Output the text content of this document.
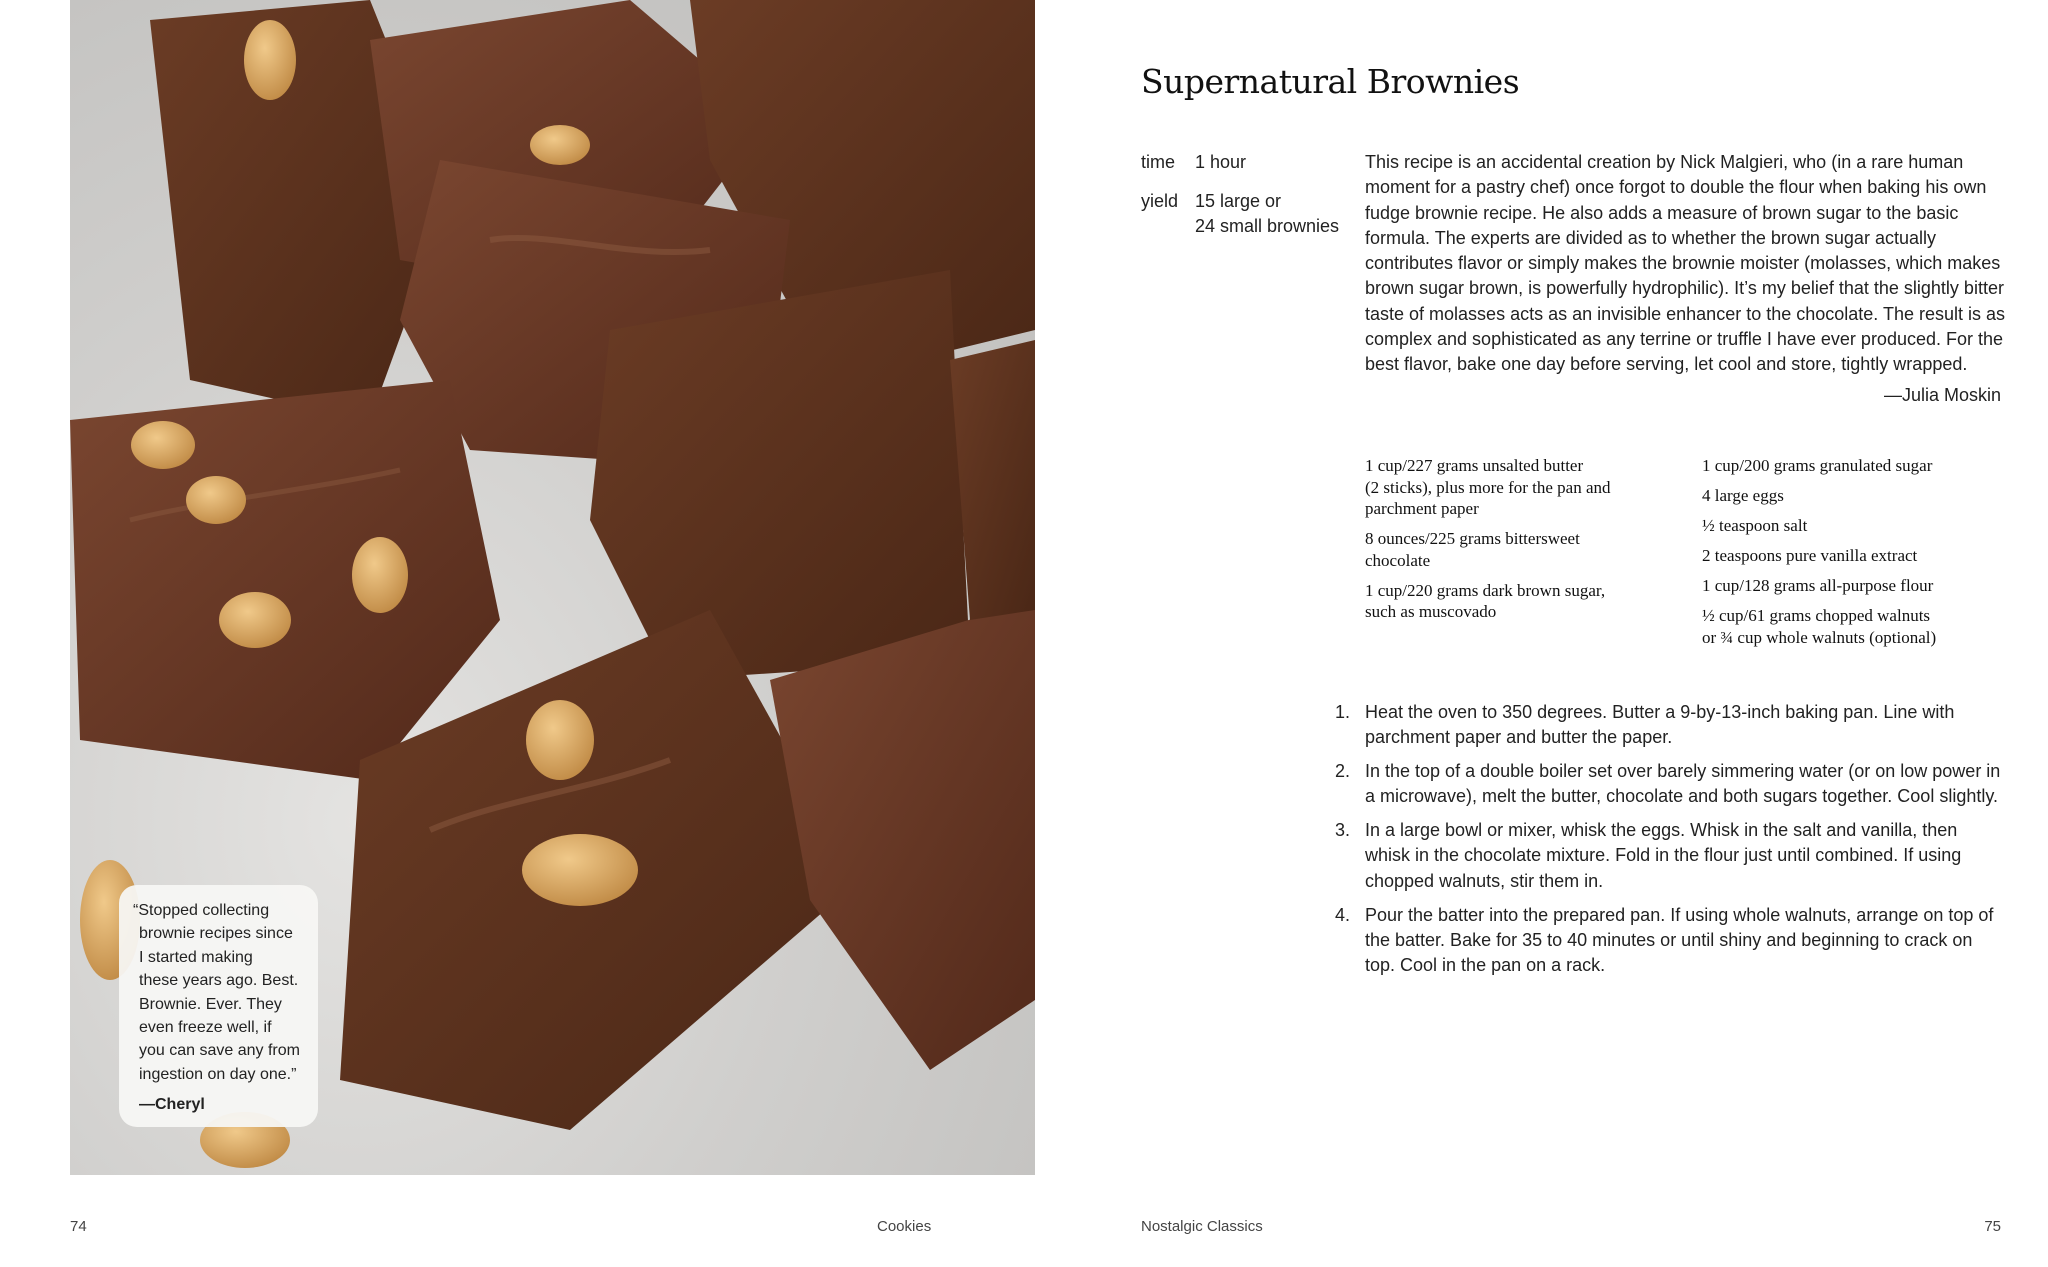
“Stopped collecting
brownie recipes since
I started making
these years ago. Best.
Brownie. Ever. They
even freeze well, if
you can save any from
ingestion on day one.”
—Cheryl
Supernatural Brownies
time 1 hour
yield 15 large or
24 small brownies

This recipe is an accidental creation by Nick Malgieri, who (in a rare human moment for a pastry chef) once forgot to double the flour when baking his own fudge brownie recipe. He also adds a measure of brown sugar to the basic formula. The experts are divided as to whether the brown sugar actually contributes flavor or simply makes the brownie moister (molasses, which makes brown sugar brown, is powerfully hydrophilic). It’s my belief that the slightly bitter taste of molasses acts as an invisible enhancer to the chocolate. The result is as complex and sophisticated as any terrine or truffle I have ever produced. For the best flavor, bake one day before serving, let cool and store, tightly wrapped.

—Julia Moskin
1 cup/227 grams unsalted butter
(2 sticks), plus more for the pan and
parchment paper
8 ounces/225 grams bittersweet
chocolate
1 cup/220 grams dark brown sugar,
such as muscovado
1 cup/200 grams granulated sugar
4 large eggs
½ teaspoon salt
2 teaspoons pure vanilla extract
1 cup/128 grams all-purpose flour
½ cup/61 grams chopped walnuts
or ¾ cup whole walnuts (optional)
1. Heat the oven to 350 degrees. Butter a 9-by-13-inch baking pan. Line with parchment paper and butter the paper.
2. In the top of a double boiler set over barely simmering water (or on low power in a microwave), melt the butter, chocolate and both sugars together. Cool slightly.
3. In a large bowl or mixer, whisk the eggs. Whisk in the salt and vanilla, then whisk in the chocolate mixture. Fold in the flour just until combined. If using chopped walnuts, stir them in.
4. Pour the batter into the prepared pan. If using whole walnuts, arrange on top of the batter. Bake for 35 to 40 minutes or until shiny and beginning to crack on top. Cool in the pan on a rack.
74	Cookies	Nostalgic Classics	75
